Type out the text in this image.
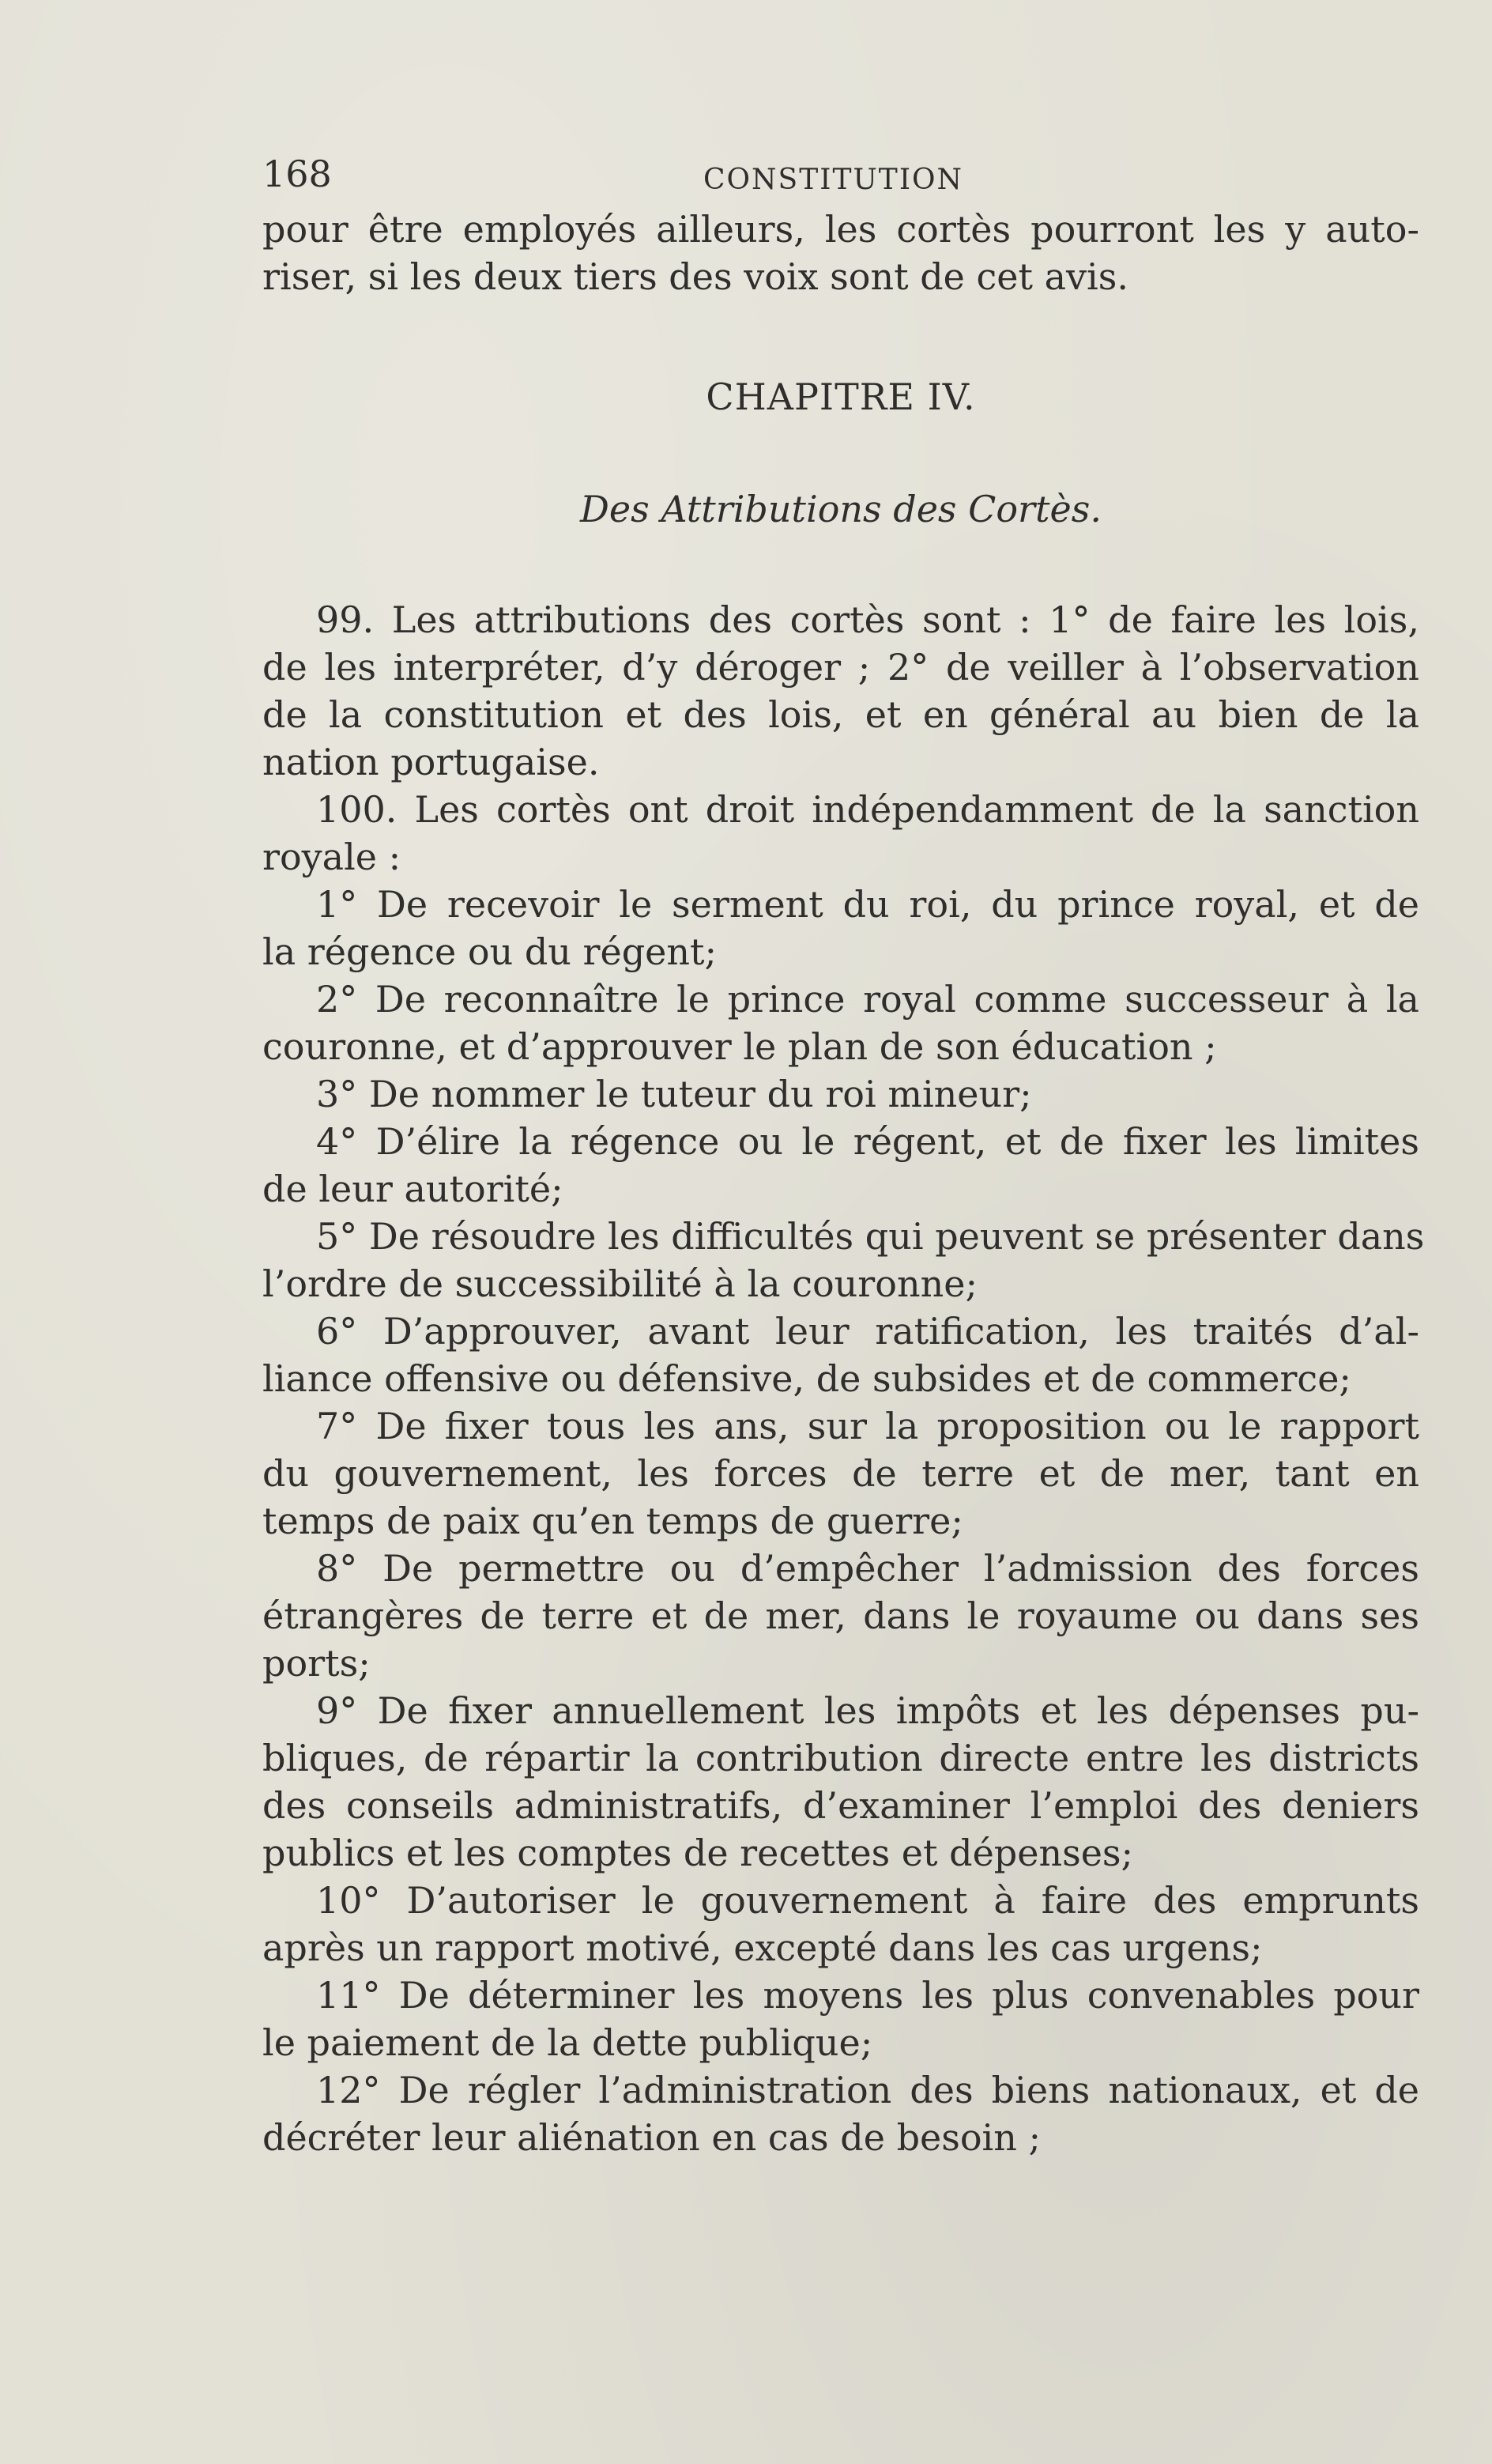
168	CONSTITUTION
pour être employés ailleurs, les cortès pourront les y auto-
riser, si les deux tiers des voix sont de cet avis.
CHAPITRE IV.
Des Attributions des Cortès.
99. Les attributions des cortès sont : 1° de faire les lois,
de les interpréter, d’y déroger ; 2° de veiller à l’observation
de la constitution et des lois, et en général au bien de la
nation portugaise.
100. Les cortès ont droit indépendamment de la sanction
royale :
1° De recevoir le serment du roi, du prince royal, et de
la régence ou du régent;
2° De reconnaître le prince royal comme successeur à la
couronne, et d’approuver le plan de son éducation ;
3° De nommer le tuteur du roi mineur;
4° D’élire la régence ou le régent, et de fixer les limites
de leur autorité;
5° De résoudre les difficultés qui peuvent se présenter dans
l’ordre de successibilité à la couronne;
6° D’approuver, avant leur ratification, les traités d’al-
liance offensive ou défensive, de subsides et de commerce;
7° De fixer tous les ans, sur la proposition ou le rapport
du gouvernement, les forces de terre et de mer, tant en
temps de paix qu’en temps de guerre;
8° De permettre ou d’empêcher l’admission des forces
étrangères de terre et de mer, dans le royaume ou dans ses
ports;
9° De fixer annuellement les impôts et les dépenses pu-
bliques, de répartir la contribution directe entre les districts
des conseils administratifs, d’examiner l’emploi des deniers
publics et les comptes de recettes et dépenses;
10° D’autoriser le gouvernement à faire des emprunts
après un rapport motivé, excepté dans les cas urgens;
11° De déterminer les moyens les plus convenables pour
le paiement de la dette publique;
12° De régler l’administration des biens nationaux, et de
décréter leur aliénation en cas de besoin ;
